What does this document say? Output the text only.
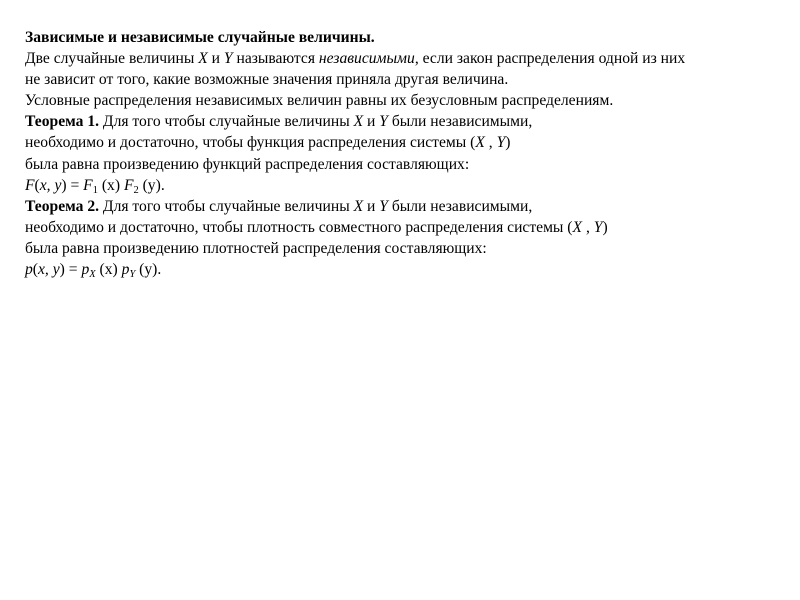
Зависимые и независимые случайные величины.
Две случайные величины X и Y называются независимыми, если закон распределения одной из них
не зависит от того, какие возможные значения приняла другая величина.
Условные распределения независимых величин равны их безусловным распределениям.
Теорема 1. Для того чтобы случайные величины X и Y были независимыми,
необходимо и достаточно, чтобы функция распределения системы (X , Y)
была равна произведению функций распределения составляющих:
F(x, $y) = F_1$ (x) $F_2$ (y).
Теорема 2. Для того чтобы случайные величины X и Y были независимыми,
необходимо и достаточно, чтобы плотность совместного распределения системы (X , Y)
была равна произведению плотностей распределения составляющих:
p(x, $y) = p_X$ (x) $p_Y$ (y).
